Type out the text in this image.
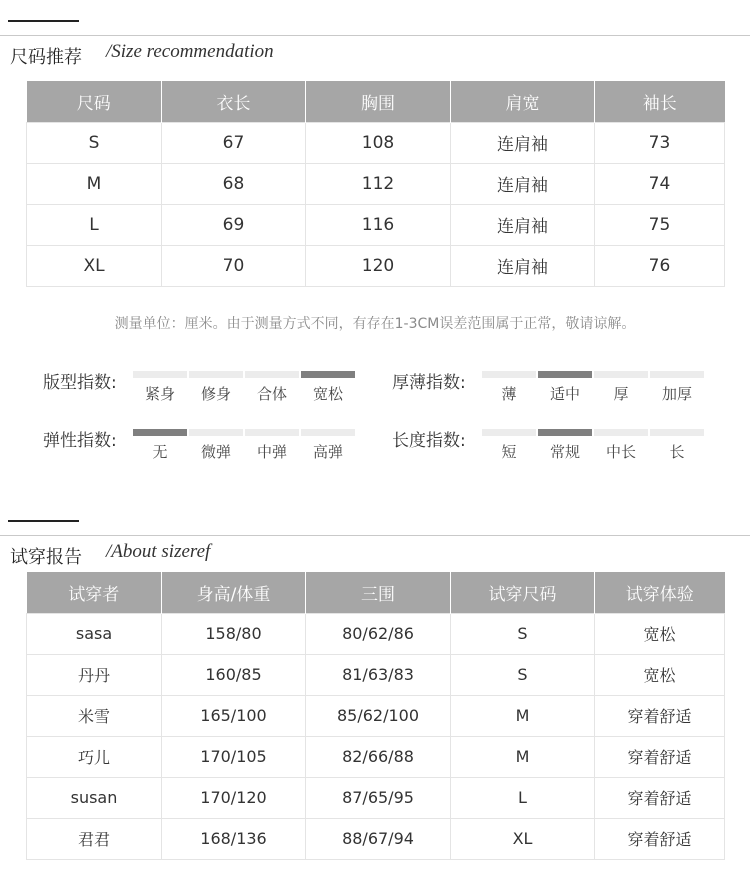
尺码推荐 /Size recommendation
尺码	衣长	胸围	肩宽	袖长
S	67	108	连肩袖	73
M	68	112	连肩袖	74
L	69	116	连肩袖	75
XL	70	120	连肩袖	76
测量单位：厘米。由于测量方式不同，有存在1-3CM误差范围属于正常，敬请谅解。
版型指数:
紧身	修身	合体	宽松
厚薄指数:
薄	适中	厚	加厚
弹性指数:
无	微弹	中弹	高弹
长度指数:
短	常规	中长	长
试穿报告 /About sizeref
试穿者	身高/体重	三围	试穿尺码	试穿体验
sasa	158/80	80/62/86	S	宽松
丹丹	160/85	81/63/83	S	宽松
米雪	165/100	85/62/100	M	穿着舒适
巧儿	170/105	82/66/88	M	穿着舒适
susan	170/120	87/65/95	L	穿着舒适
君君	168/136	88/67/94	XL	穿着舒适
